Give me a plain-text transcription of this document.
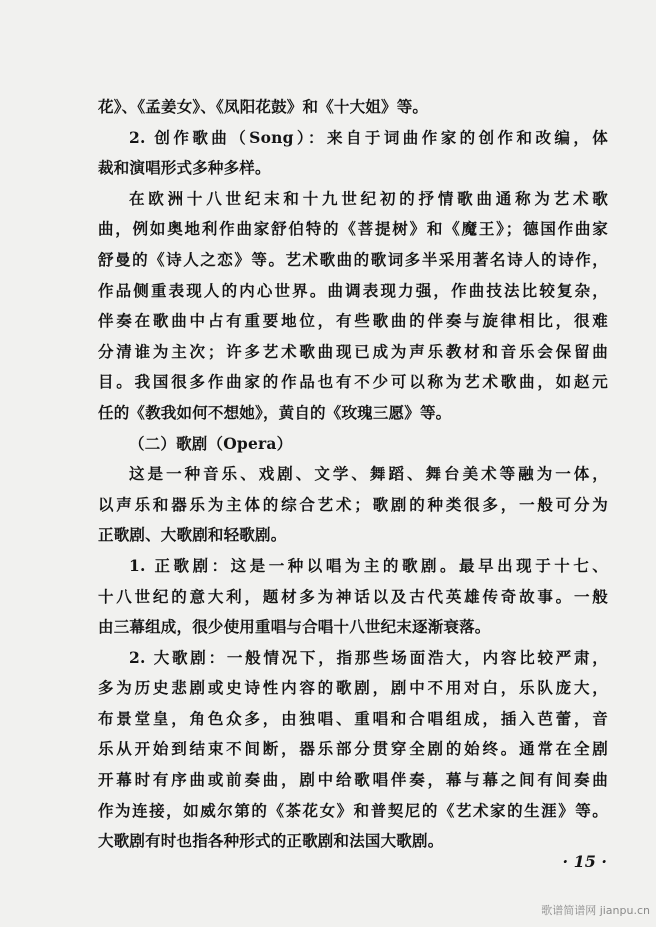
花》、《孟姜女》、《凤阳花鼓》和《十大姐》等。
2. 创作歌曲（Song）：来自于词曲作家的创作和改编，体
裁和演唱形式多种多样。
在欧洲十八世纪末和十九世纪初的抒情歌曲通称为艺术歌
曲，例如奥地利作曲家舒伯特的《菩提树》和《魔王》；德国作曲家
舒曼的《诗人之恋》等。艺术歌曲的歌词多半采用著名诗人的诗作，
作品侧重表现人的内心世界。曲调表现力强，作曲技法比较复杂，
伴奏在歌曲中占有重要地位，有些歌曲的伴奏与旋律相比，很难
分清谁为主次；许多艺术歌曲现已成为声乐教材和音乐会保留曲
目。我国很多作曲家的作品也有不少可以称为艺术歌曲，如赵元
任的《教我如何不想她》，黄自的《玫瑰三愿》等。
（二）歌剧（Opera）
这是一种音乐、戏剧、文学、舞蹈、舞台美术等融为一体，
以声乐和器乐为主体的综合艺术；歌剧的种类很多，一般可分为
正歌剧、大歌剧和轻歌剧。
1. 正歌剧：这是一种以唱为主的歌剧。最早出现于十七、
十八世纪的意大利，题材多为神话以及古代英雄传奇故事。一般
由三幕组成，很少使用重唱与合唱十八世纪末逐渐衰落。
2. 大歌剧：一般情况下，指那些场面浩大，内容比较严肃，
多为历史悲剧或史诗性内容的歌剧，剧中不用对白，乐队庞大，
布景堂皇，角色众多，由独唱、重唱和合唱组成，插入芭蕾，音
乐从开始到结束不间断，器乐部分贯穿全剧的始终。通常在全剧
开幕时有序曲或前奏曲，剧中给歌唱伴奏，幕与幕之间有间奏曲
作为连接，如威尔第的《茶花女》和普契尼的《艺术家的生涯》等。
大歌剧有时也指各种形式的正歌剧和法国大歌剧。
· 15 ·
歌谱简谱网 jianpu.cn
